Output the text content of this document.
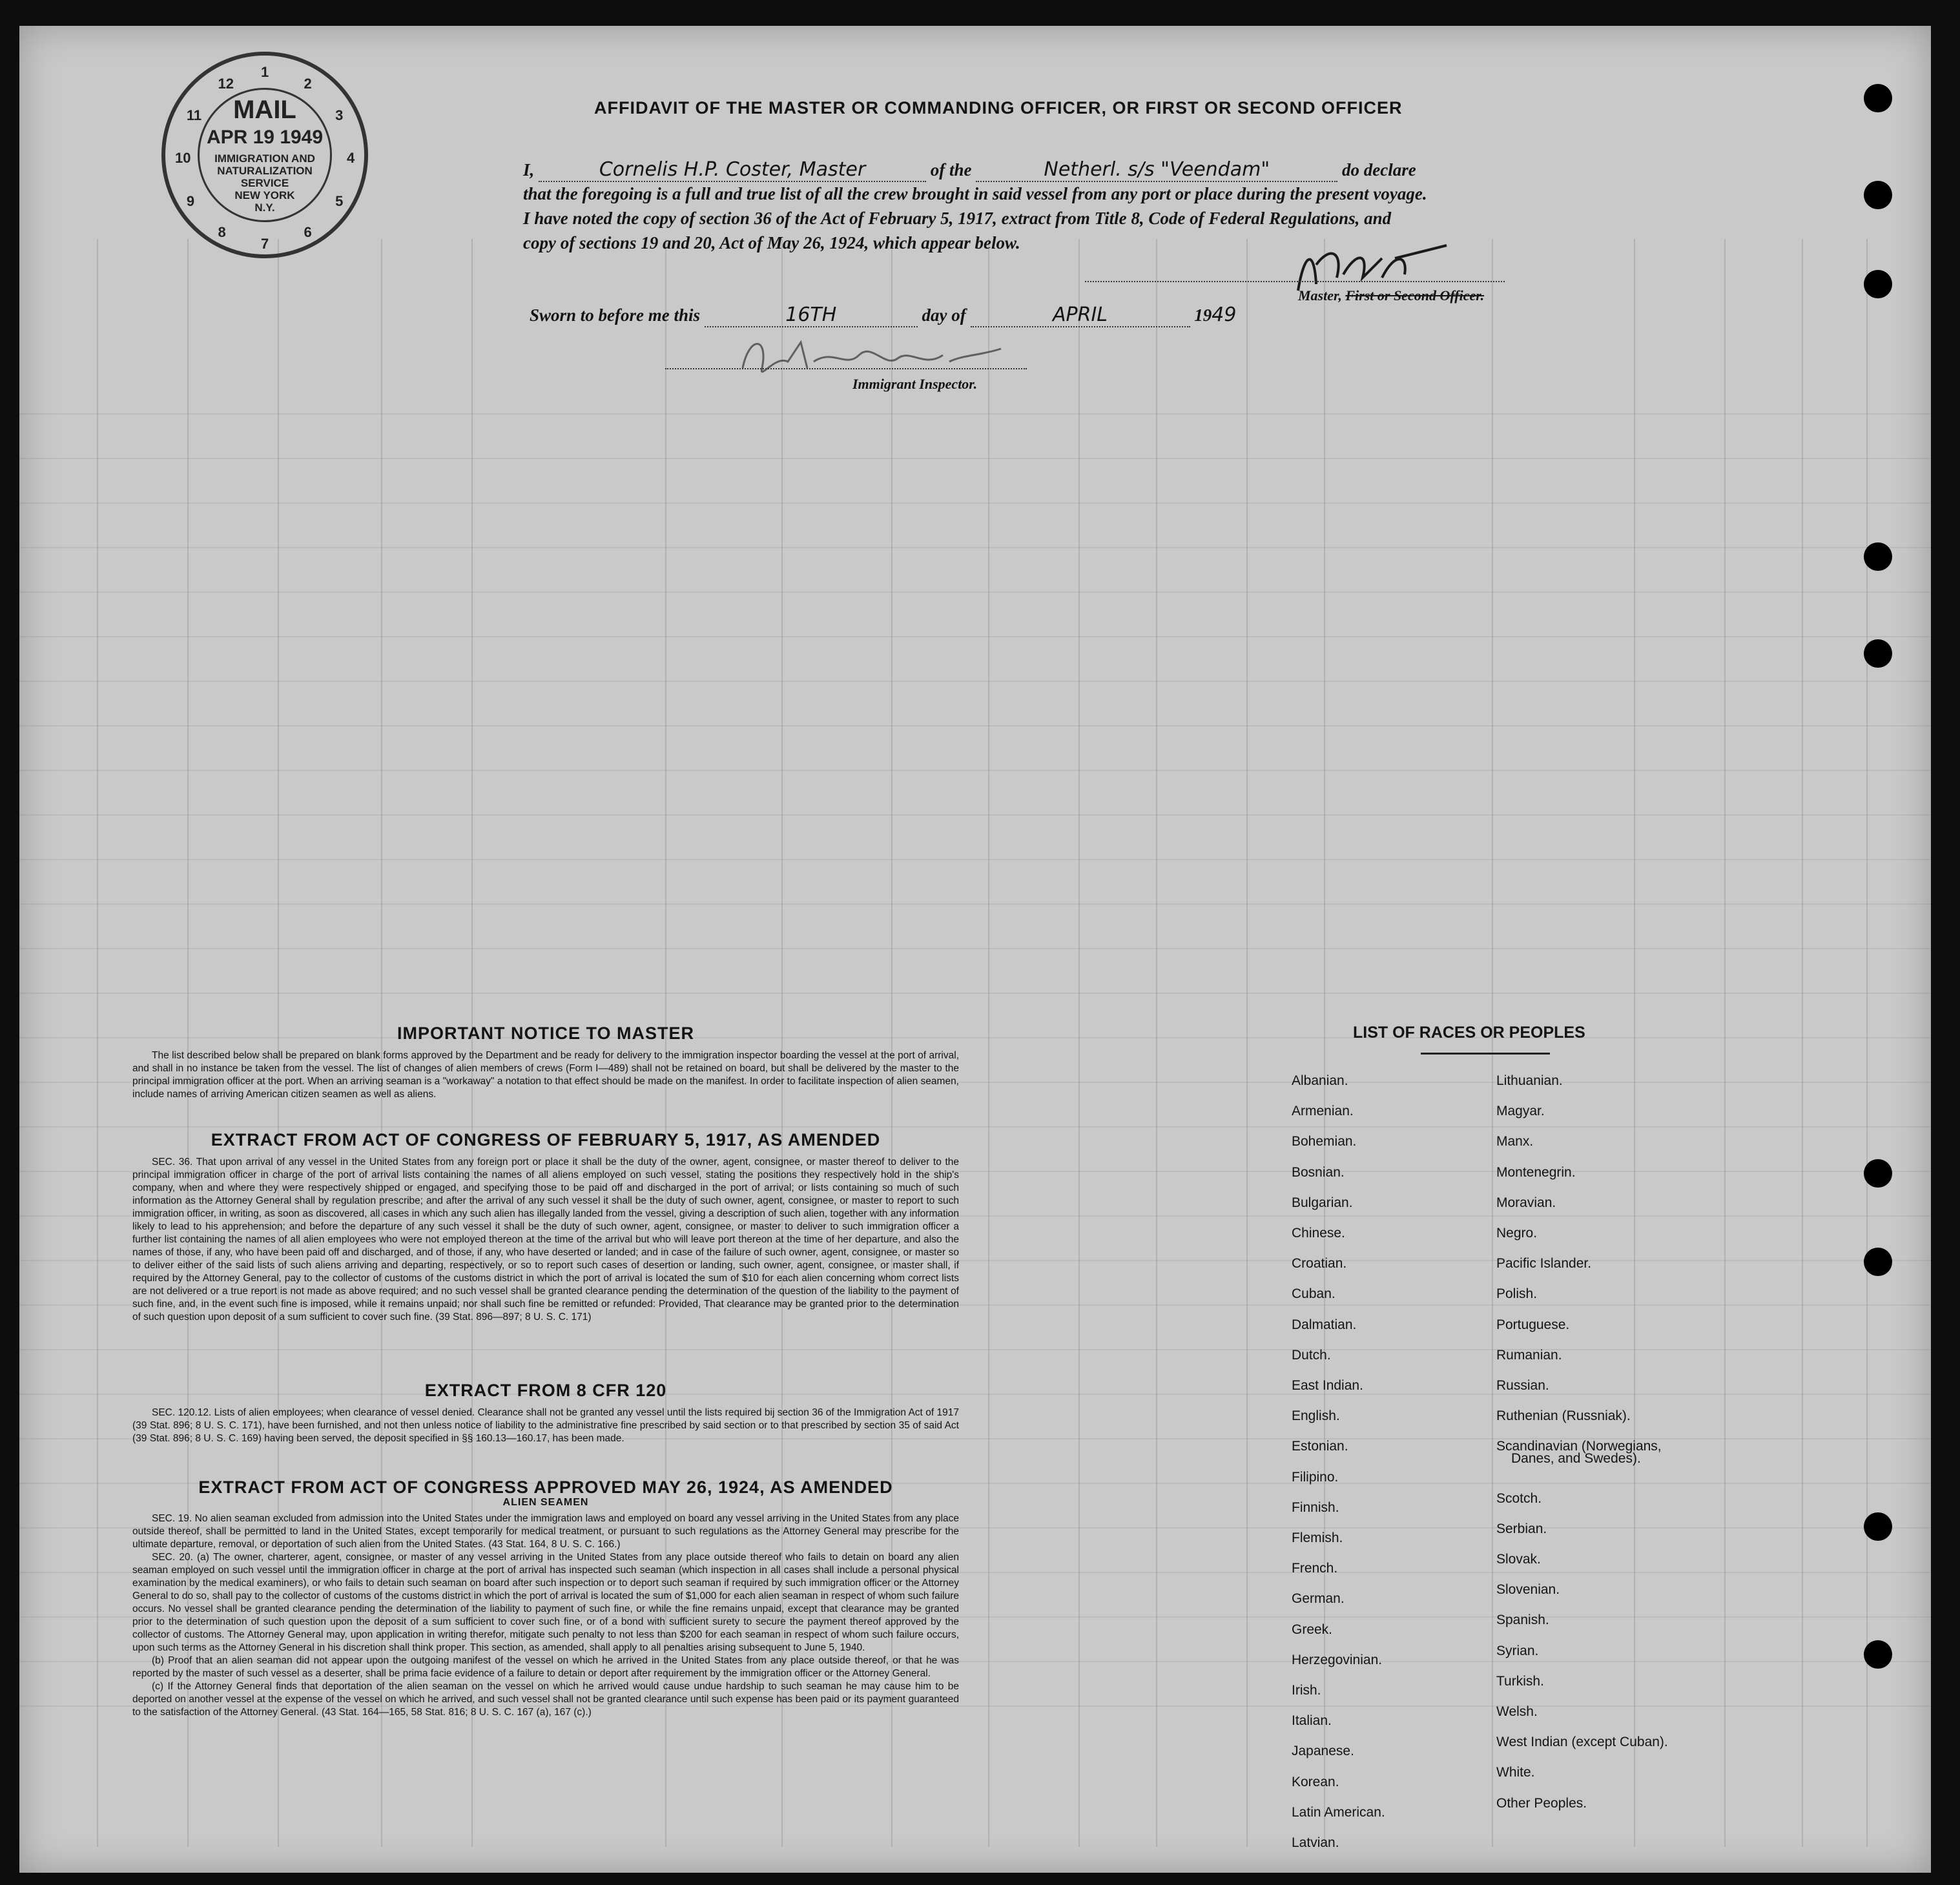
MAIL
APR 19 1949
IMMIGRATION AND
NATURALIZATION
SERVICE
NEW YORK
N.Y.
1
2
3
4
5
6
7
8
9
10
11
12
AFFIDAVIT OF THE MASTER OR COMMANDING OFFICER, OR FIRST OR SECOND OFFICER
I,	Cornelis H.P. Coster, Master	of the	Netherl. s/s "Veendam"	do declare
that the foregoing is a full and true list of all the crew brought in said vessel from any port or place during the present voyage.
I have noted the copy of section 36 of the Act of February 5, 1917, extract from Title 8, Code of Federal Regulations, and
copy of sections 19 and 20, Act of May 26, 1924, which appear below.
Master, First or Second Officer.
Sworn to before me this	16TH	day of	APRIL	1949
Immigrant Inspector.
IMPORTANT NOTICE TO MASTER

The list described below shall be prepared on blank forms approved by the Department and be ready for delivery to the immigration inspector boarding the vessel at the port of arrival, and shall in no instance be taken from the vessel. The list of changes of alien members of crews (Form I—489) shall not be retained on board, but shall be delivered by the master to the principal immigration officer at the port. When an arriving seaman is a "workaway" a notation to that effect should be made on the manifest. In order to facilitate inspection of alien seamen, include names of arriving American citizen seamen as well as aliens.

EXTRACT FROM ACT OF CONGRESS OF FEBRUARY 5, 1917, AS AMENDED

SEC. 36. That upon arrival of any vessel in the United States from any foreign port or place it shall be the duty of the owner, agent, consignee, or master thereof to deliver to the principal immigration officer in charge of the port of arrival lists containing the names of all aliens employed on such vessel, stating the positions they respectively hold in the ship's company, when and where they were respectively shipped or engaged, and specifying those to be paid off and discharged in the port of arrival; or lists containing so much of such information as the Attorney General shall by regulation prescribe; and after the arrival of any such vessel it shall be the duty of such owner, agent, consignee, or master to report to such immigration officer, in writing, as soon as discovered, all cases in which any such alien has illegally landed from the vessel, giving a description of such alien, together with any information likely to lead to his apprehension; and before the departure of any such vessel it shall be the duty of such owner, agent, consignee, or master to deliver to such immigration officer a further list containing the names of all alien employees who were not employed thereon at the time of the arrival but who will leave port thereon at the time of her departure, and also the names of those, if any, who have been paid off and discharged, and of those, if any, who have deserted or landed; and in case of the failure of such owner, agent, consignee, or master so to deliver either of the said lists of such aliens arriving and departing, respectively, or so to report such cases of desertion or landing, such owner, agent, consignee, or master shall, if required by the Attorney General, pay to the collector of customs of the customs district in which the port of arrival is located the sum of $10 for each alien concerning whom correct lists are not delivered or a true report is not made as above required; and no such vessel shall be granted clearance pending the determination of the question of the liability to the payment of such fine, and, in the event such fine is imposed, while it remains unpaid; nor shall such fine be remitted or refunded: Provided, That clearance may be granted prior to the determination of such question upon deposit of a sum sufficient to cover such fine. (39 Stat. 896—897; 8 U. S. C. 171)

EXTRACT FROM 8 CFR 120

SEC. 120.12. Lists of alien employees; when clearance of vessel denied. Clearance shall not be granted any vessel until the lists required bij section 36 of the Immigration Act of 1917 (39 Stat. 896; 8 U. S. C. 171), have been furnished, and not then unless notice of liability to the administrative fine prescribed by said section or to that prescribed by section 35 of said Act (39 Stat. 896; 8 U. S. C. 169) having been served, the deposit specified in §§ 160.13—160.17, has been made.

EXTRACT FROM ACT OF CONGRESS APPROVED MAY 26, 1924, AS AMENDED
ALIEN SEAMEN

SEC. 19. No alien seaman excluded from admission into the United States under the immigration laws and employed on board any vessel arriving in the United States from any place outside thereof, shall be permitted to land in the United States, except temporarily for medical treatment, or pursuant to such regulations as the Attorney General may prescribe for the ultimate departure, removal, or deportation of such alien from the United States. (43 Stat. 164, 8 U. S. C. 166.)

SEC. 20. (a) The owner, charterer, agent, consignee, or master of any vessel arriving in the United States from any place outside thereof who fails to detain on board any alien seaman employed on such vessel until the immigration officer in charge at the port of arrival has inspected such seaman (which inspection in all cases shall include a personal physical examination by the medical examiners), or who fails to detain such seaman on board after such inspection or to deport such seaman if required by such immigration officer or the Attorney General to do so, shall pay to the collector of customs of the customs district in which the port of arrival is located the sum of $1,000 for each alien seaman in respect of whom such failure occurs. No vessel shall be granted clearance pending the determination of the liability to payment of such fine, or while the fine remains unpaid, except that clearance may be granted prior to the determination of such question upon the deposit of a sum sufficient to cover such fine, or of a bond with sufficient surety to secure the payment thereof approved by the collector of customs. The Attorney General may, upon application in writing therefor, mitigate such penalty to not less than $200 for each seaman in respect of whom such failure occurs, upon such terms as the Attorney General in his discretion shall think proper. This section, as amended, shall apply to all penalties arising subsequent to June 5, 1940.

(b) Proof that an alien seaman did not appear upon the outgoing manifest of the vessel on which he arrived in the United States from any place outside thereof, or that he was reported by the master of such vessel as a deserter, shall be prima facie evidence of a failure to detain or deport after requirement by the immigration officer or the Attorney General.

(c) If the Attorney General finds that deportation of the alien seaman on the vessel on which he arrived would cause undue hardship to such seaman he may cause him to be deported on another vessel at the expense of the vessel on which he arrived, and such vessel shall not be granted clearance until such expense has been paid or its payment guaranteed to the satisfaction of the Attorney General. (43 Stat. 164—165, 58 Stat. 816; 8 U. S. C. 167 (a), 167 (c).)

LIST OF RACES OR PEOPLES
Albanian.
Armenian.
Bohemian.
Bosnian.
Bulgarian.
Chinese.
Croatian.
Cuban.
Dalmatian.
Dutch.
East Indian.
English.
Estonian.
Filipino.
Finnish.
Flemish.
French.
German.
Greek.
Herzegovinian.
Irish.
Italian.
Japanese.
Korean.
Latin American.
Latvian.
Lithuanian.
Magyar.
Manx.
Montenegrin.
Moravian.
Negro.
Pacific Islander.
Polish.
Portuguese.
Rumanian.
Russian.
Ruthenian (Russniak).
Scandinavian (Norwegians,
Danes, and Swedes).
Scotch.
Serbian.
Slovak.
Slovenian.
Spanish.
Syrian.
Turkish.
Welsh.
West Indian (except Cuban).
White.
Other Peoples.
